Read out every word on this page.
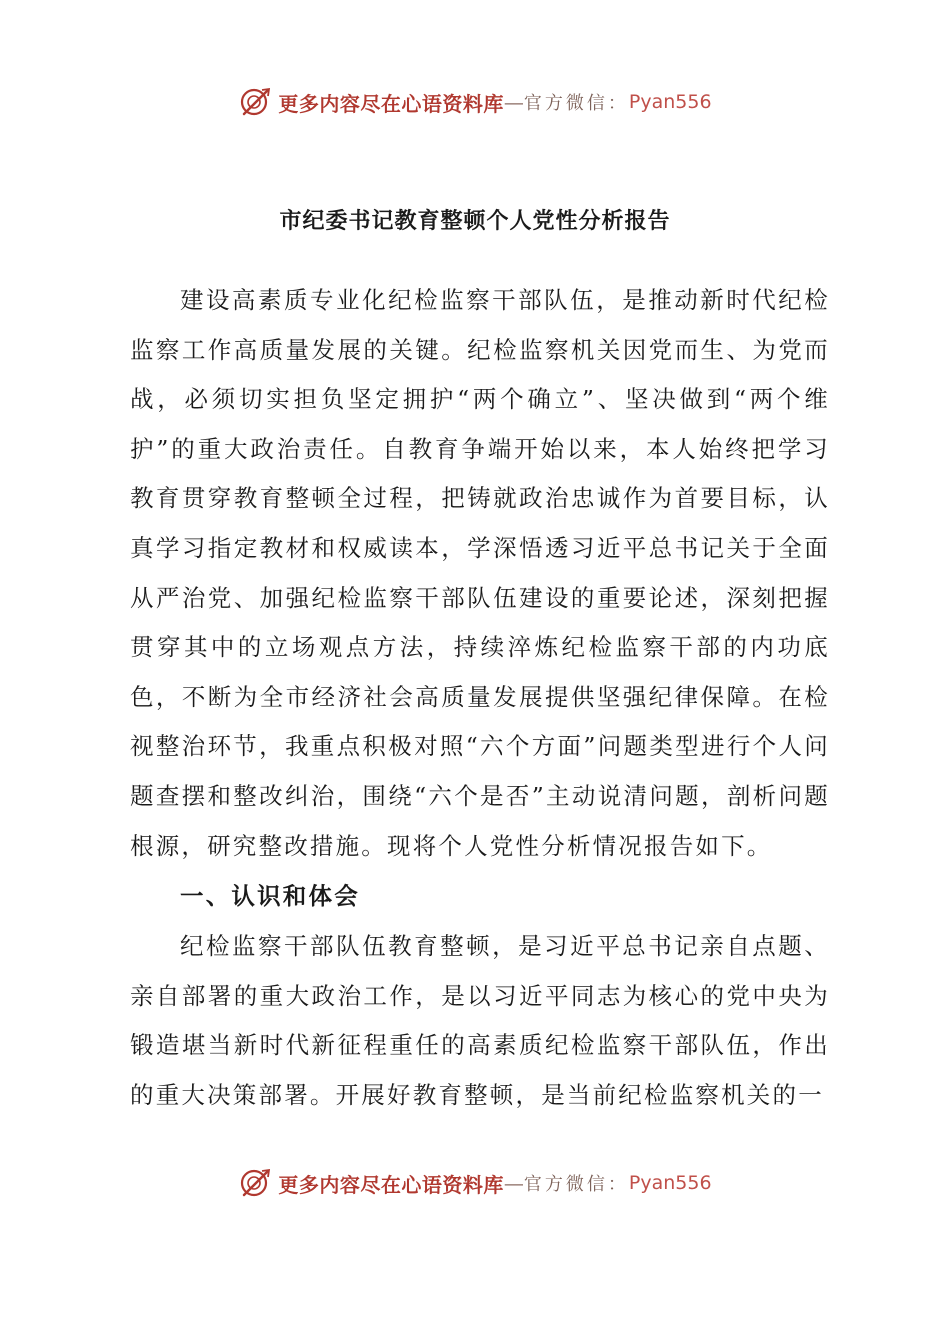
更多内容尽在心语资料库 — 官方微信： Pyan556
市纪委书记教育整顿个人党性分析报告

建设高素质专业化纪检监察干部队伍，是推动新时代纪检监察工作高质量发展的关键。纪检监察机关因党而生、为党而战，必须切实担负坚定拥护“两个确立”、坚决做到“两个维护”的重大政治责任。自教育争端开始以来，本人始终把学习教育贯穿教育整顿全过程，把铸就政治忠诚作为首要目标，认真学习指定教材和权威读本，学深悟透习近平总书记关于全面从严治党、加强纪检监察干部队伍建设的重要论述，深刻把握贯穿其中的立场观点方法，持续淬炼纪检监察干部的内功底色，不断为全市经济社会高质量发展提供坚强纪律保障。在检视整治环节，我重点积极对照“六个方面”问题类型进行个人问题查摆和整改纠治，围绕“六个是否”主动说清问题，剖析问题根源，研究整改措施。现将个人党性分析情况报告如下。

一、认识和体会

纪检监察干部队伍教育整顿，是习近平总书记亲自点题、亲自部署的重大政治工作，是以习近平同志为核心的党中央为锻造堪当新时代新征程重任的高素质纪检监察干部队伍，作出的重大决策部署。开展好教育整顿，是当前纪检监察机关的一

更多内容尽在心语资料库 — 官方微信： Pyan556
